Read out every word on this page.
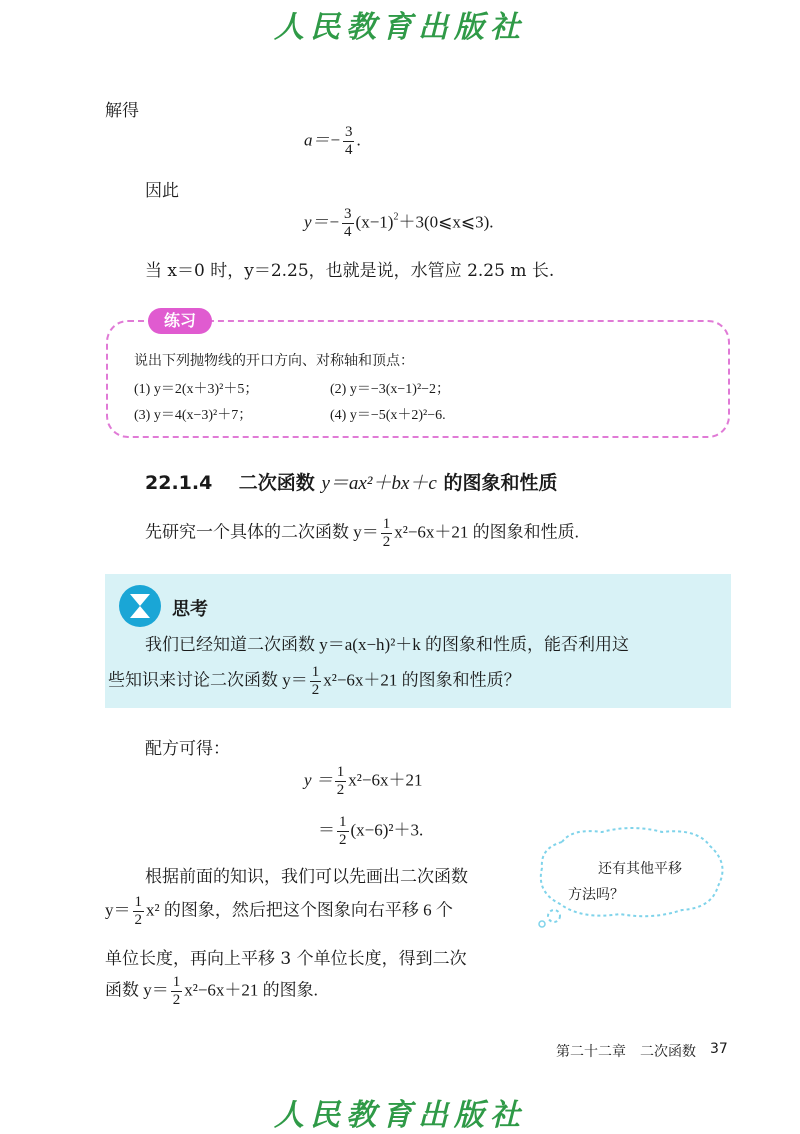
人民教育出版社
解得
$a=- \frac{3}{4}$ .
因此
$y=- \frac{3}{4}$ $(x-1)^2+3(0⩽x⩽3)$.
当 x＝0 时，y＝2.25，也就是说，水管应 2.25 m 长.
练习
说出下列抛物线的开口方向、对称轴和顶点：
(1) y＝2(x＋3)²＋5；	(2) y＝−3(x−1)²−2；
(3) y＝4(x−3)²＋7；	(4) y＝−5(x＋2)²−6.
22.1.4 二次函数 y＝ax²＋bx＋c 的图象和性质
先研究一个具体的二次函数 $y= \frac{1}{2} x^2-6x+21$ 的图象和性质.
思考
我们已经知道二次函数 y＝a(x−h)²＋k 的图象和性质，能否利用这
些知识来讨论二次函数 $y= \frac{1}{2} x^2-6x+21$ 的图象和性质？
配方可得：
$y = \frac{1}{2} x^2-6x+21$
＝ $\frac{1}{2} (x-6)^2+3$.
根据前面的知识，我们可以先画出二次函数
$y= \frac{1}{2} x^2$ 的图象，然后把这个图象向右平移 6 个
单位长度，再向上平移 3 个单位长度，得到二次
函数 $y= \frac{1}{2} x^2-6x+21$ 的图象.
还有其他平移
方法吗？
第二十二章　二次函数 37
人民教育出版社
